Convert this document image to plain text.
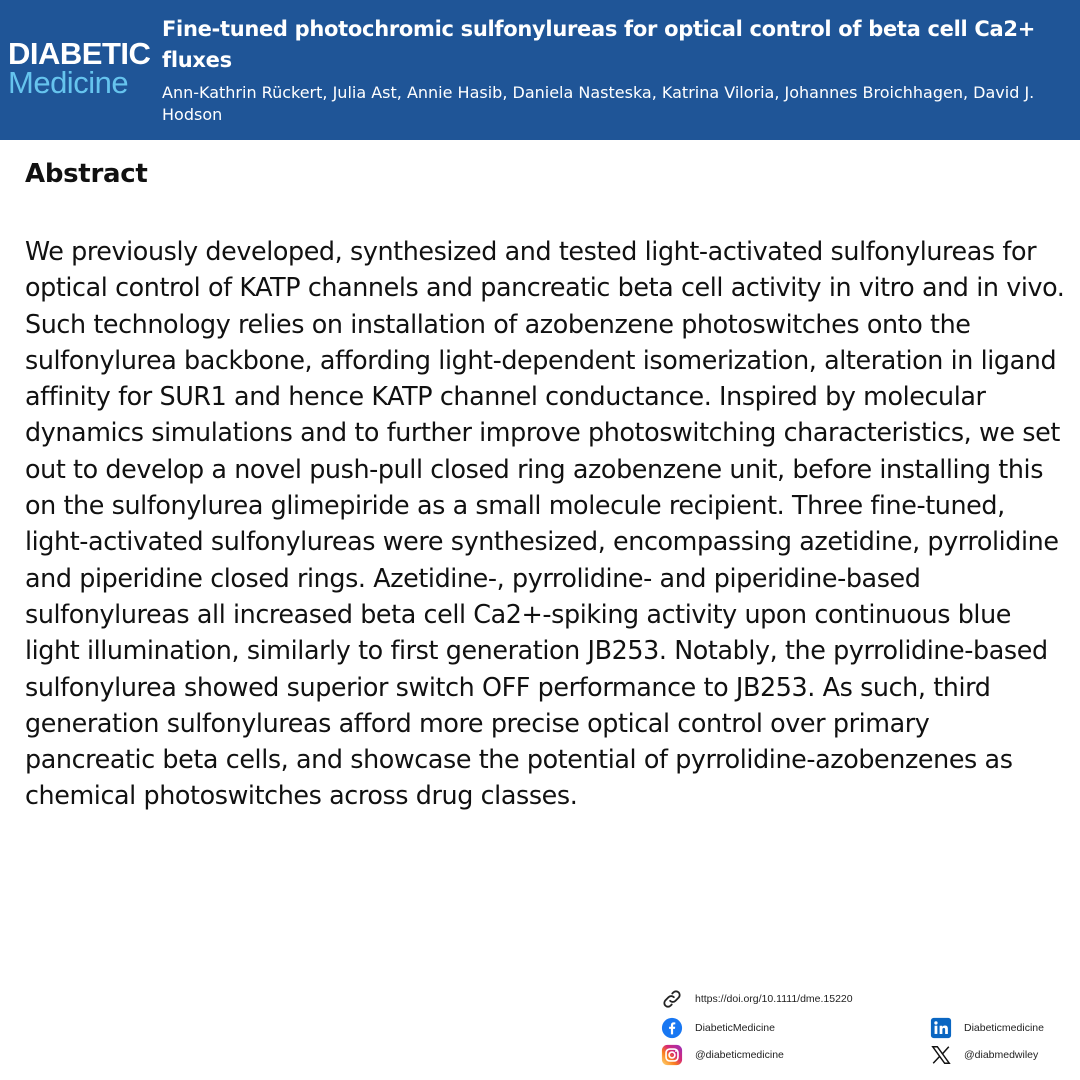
DIABETIC
Medicine
Fine-tuned photochromic sulfonylureas for optical control of beta cell Ca2+ fluxes

Ann-Kathrin Rückert, Julia Ast, Annie Hasib, Daniela Nasteska, Katrina Viloria, Johannes Broichhagen, David J. Hodson

Abstract

We previously developed, synthesized and tested light-activated sulfonylureas for optical control of KATP channels and pancreatic beta cell activity in vitro and in vivo. Such technology relies on installation of azobenzene photoswitches onto the sulfonylurea backbone, affording light-dependent isomerization, alteration in ligand affinity for SUR1 and hence KATP channel conductance. Inspired by molecular dynamics simulations and to further improve photoswitching characteristics, we set out to develop a novel push-pull closed ring azobenzene unit, before installing this on the sulfonylurea glimepiride as a small molecule recipient. Three fine-tuned, light-activated sulfonylureas were synthesized, encompassing azetidine, pyrrolidine and piperidine closed rings. Azetidine-, pyrrolidine- and piperidine-based sulfonylureas all increased beta cell Ca2+-spiking activity upon continuous blue light illumination, similarly to first generation JB253. Notably, the pyrrolidine-based sulfonylurea showed superior switch OFF performance to JB253. As such, third generation sulfonylureas afford more precise optical control over primary pancreatic beta cells, and showcase the potential of pyrrolidine-azobenzenes as chemical photoswitches across drug classes.

https://doi.org/10.1111/dme.15220
DiabeticMedicine
@diabeticmedicine
Diabeticmedicine
@diabmedwiley
